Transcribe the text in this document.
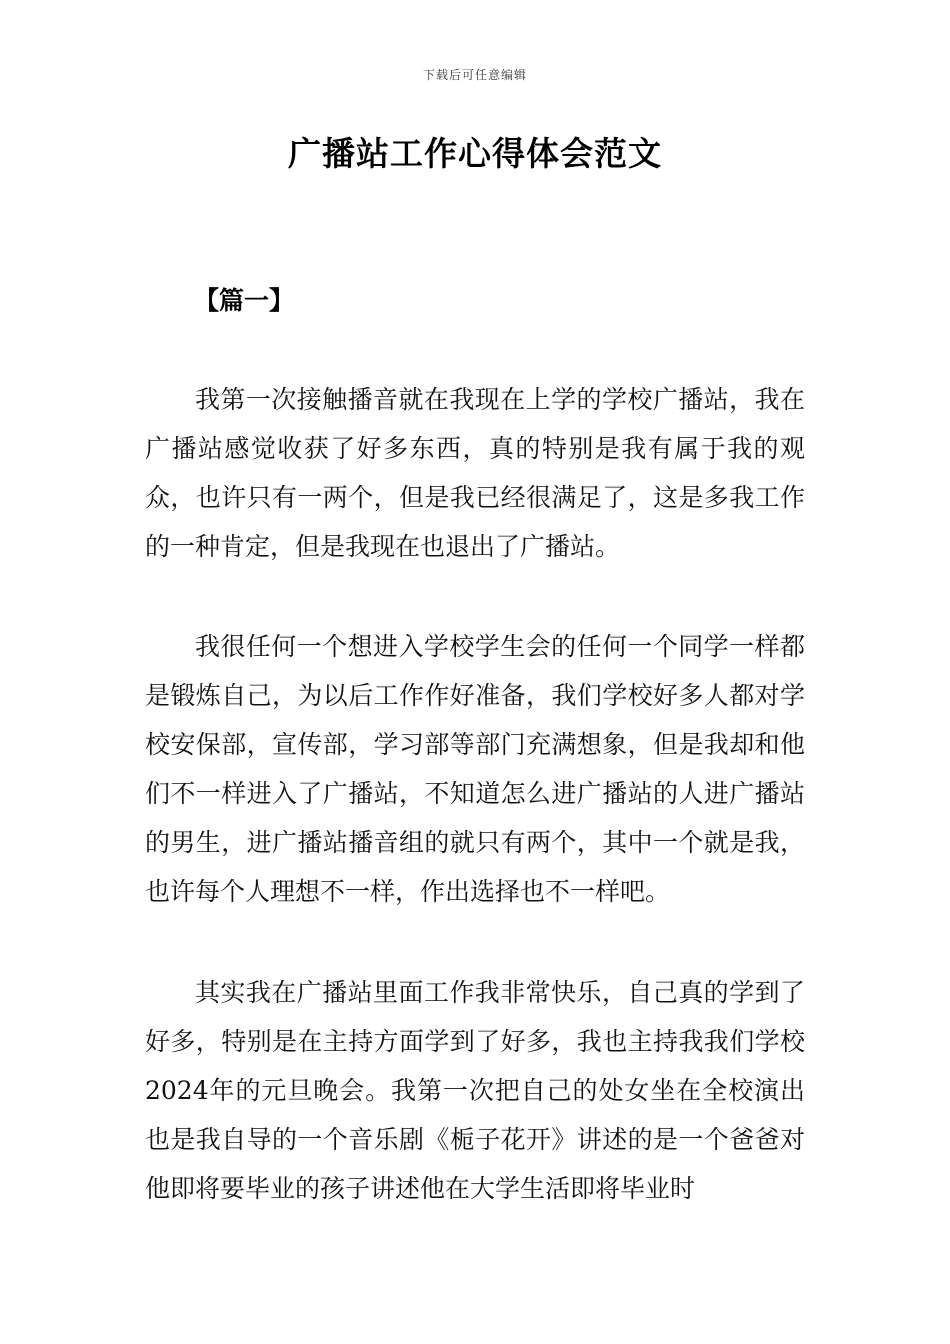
下载后可任意编辑
广播站工作心得体会范文
【篇一】

我第一次接触播音就在我现在上学的学校广播站，我在广播站感觉收获了好多东西，真的特别是我有属于我的观众，也许只有一两个，但是我已经很满足了，这是多我工作的一种肯定，但是我现在也退出了广播站。

我很任何一个想进入学校学生会的任何一个同学一样都是锻炼自己，为以后工作作好准备，我们学校好多人都对学校安保部，宣传部，学习部等部门充满想象，但是我却和他们不一样进入了广播站，不知道怎么进广播站的人进广播站的男生，进广播站播音组的就只有两个，其中一个就是我，也许每个人理想不一样，作出选择也不一样吧。

其实我在广播站里面工作我非常快乐，自己真的学到了好多，特别是在主持方面学到了好多，我也主持我我们学校2024年的元旦晚会。我第一次把自己的处女坐在全校演出也是我自导的一个音乐剧《栀子花开》讲述的是一个爸爸对他即将要毕业的孩子讲述他在大学生活即将毕业时
